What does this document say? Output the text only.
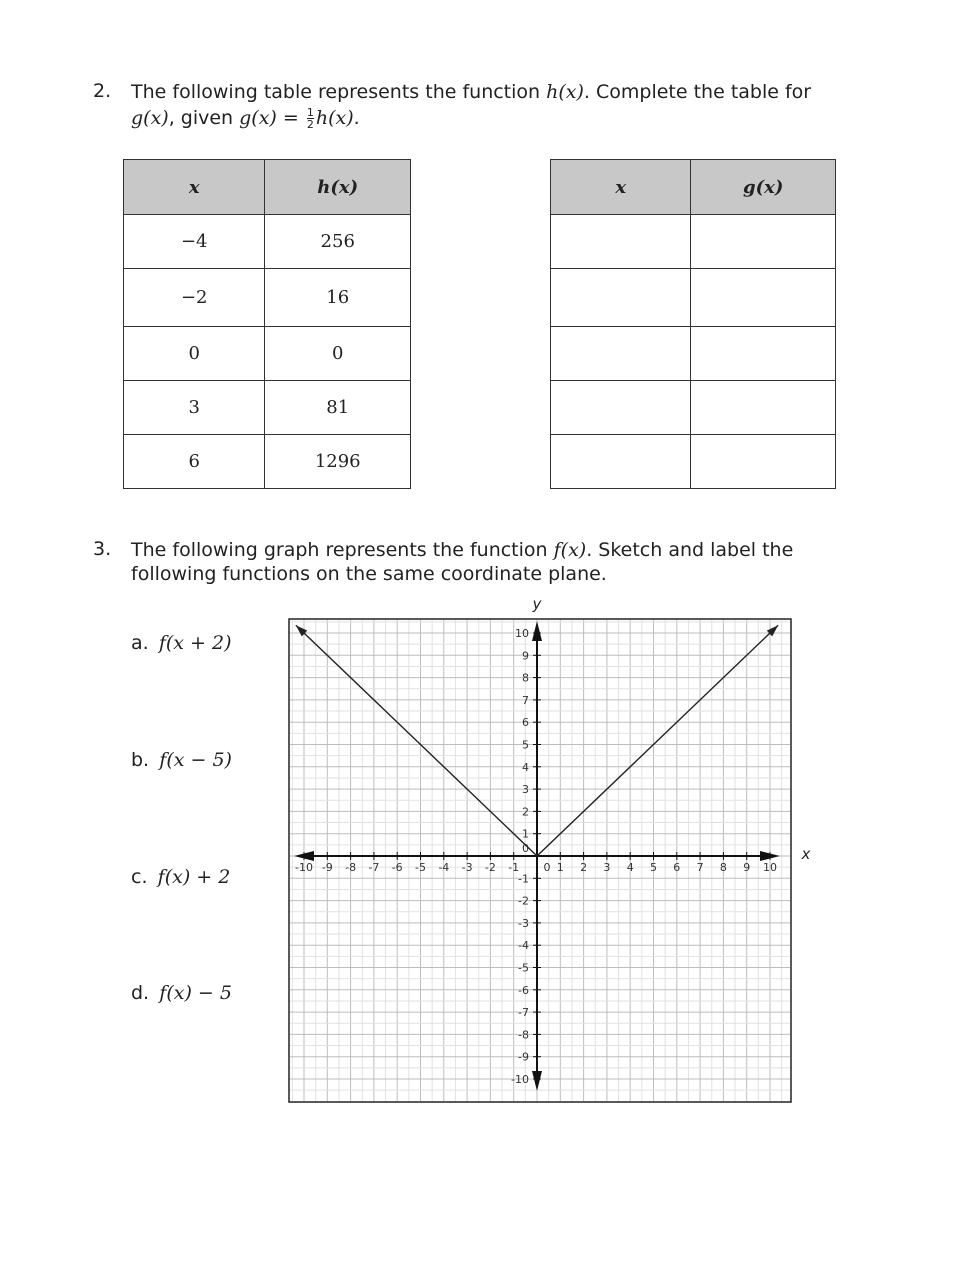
2. The following table represents the function h(x). Complete the table for
g(x), given $g(x) = \frac{1}{2} h(x)$.
x	h(x)
−4	256
−2	16
0	0
3	81
6	1296
x	g(x)

3. The following graph represents the function f(x). Sketch and label the
following functions on the same coordinate plane.
a. f(x + 2)
b. f(x − 5)
c. f(x) + 2
d. f(x) − 5
x
y
-10 -9 -8 -7 -6 -5 -4 -3 -2 -1	1 2 3 4 5 6 7 8 9 10
10
9
8
7
6
5
4
3
2
1
-1
-2
-3
-4
-5
-6
-7
-8
-9
-10
0
0
